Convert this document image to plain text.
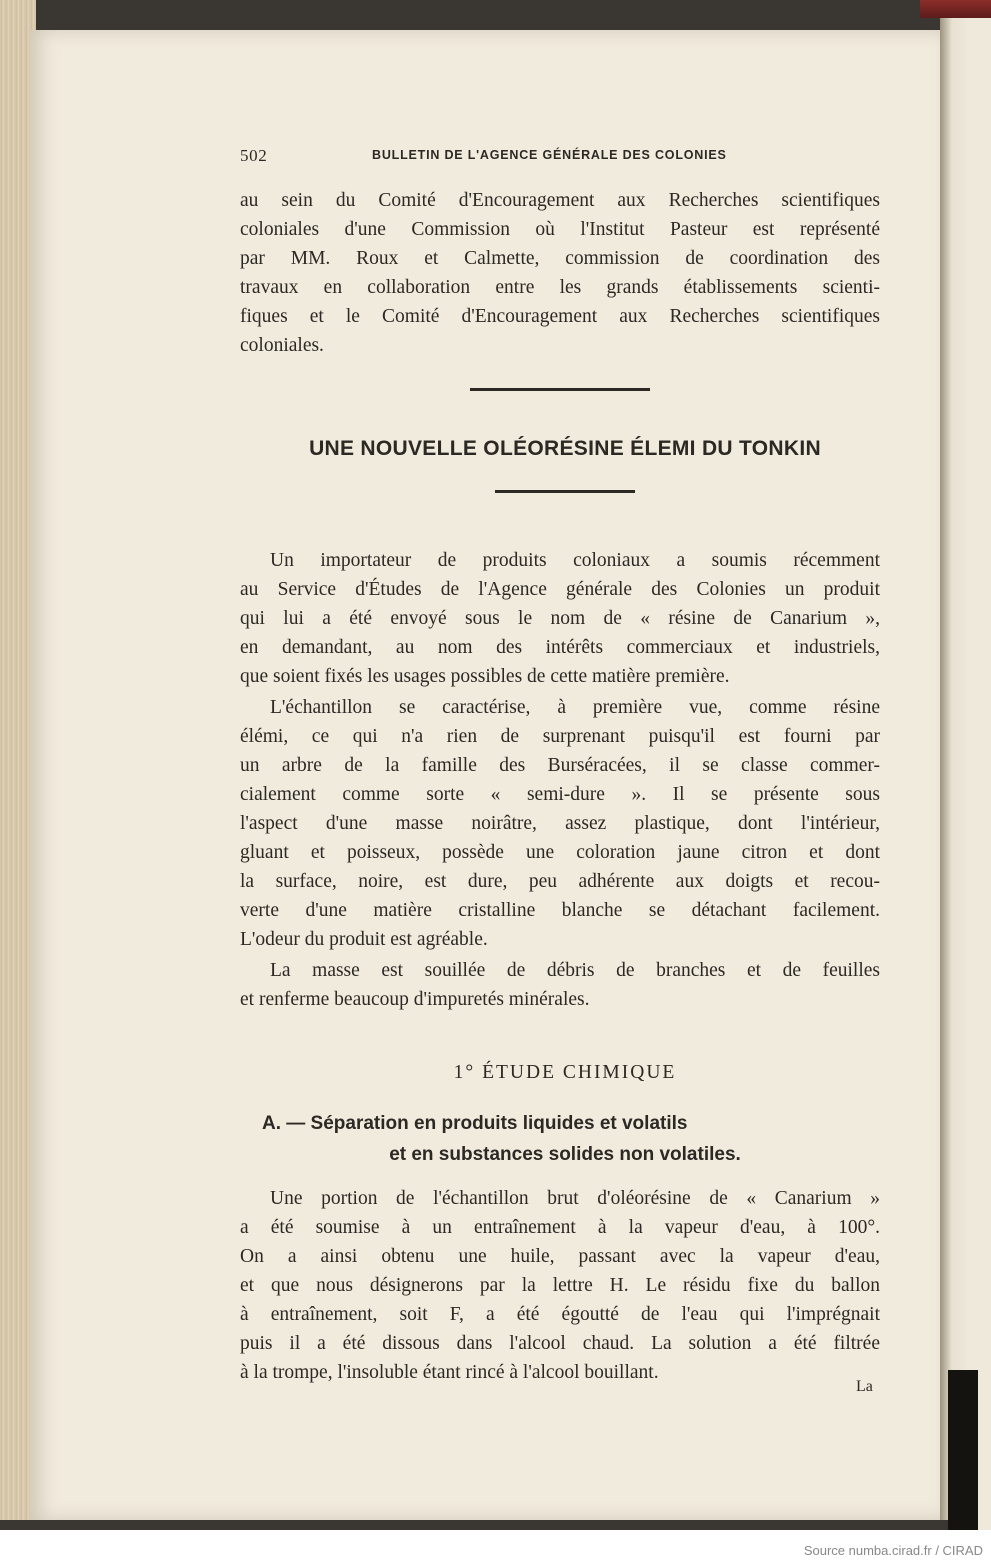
502	BULLETIN DE L'AGENCE GÉNÉRALE DES COLONIES
au sein du Comité d'Encouragement aux Recherches scientifiques
coloniales d'une Commission où l'Institut Pasteur est représenté
par MM. Roux et Calmette, commission de coordination des
travaux en collaboration entre les grands établissements scienti-
fiques et le Comité d'Encouragement aux Recherches scientifiques
coloniales.
UNE NOUVELLE OLÉORÉSINE ÉLEMI DU TONKIN
Un importateur de produits coloniaux a soumis récemment
au Service d'Études de l'Agence générale des Colonies un produit
qui lui a été envoyé sous le nom de « résine de Canarium »,
en demandant, au nom des intérêts commerciaux et industriels,
que soient fixés les usages possibles de cette matière première.
L'échantillon se caractérise, à première vue, comme résine
élémi, ce qui n'a rien de surprenant puisqu'il est fourni par
un arbre de la famille des Burséracées, il se classe commer-
cialement comme sorte « semi-dure ». Il se présente sous
l'aspect d'une masse noirâtre, assez plastique, dont l'intérieur,
gluant et poisseux, possède une coloration jaune citron et dont
la surface, noire, est dure, peu adhérente aux doigts et recou-
verte d'une matière cristalline blanche se détachant facilement.
L'odeur du produit est agréable.
La masse est souillée de débris de branches et de feuilles
et renferme beaucoup d'impuretés minérales.
1° ÉTUDE CHIMIQUE
A. — Séparation en produits liquides et volatils
et en substances solides non volatiles.
Une portion de l'échantillon brut d'oléorésine de « Canarium »
a été soumise à un entraînement à la vapeur d'eau, à 100°.
On a ainsi obtenu une huile, passant avec la vapeur d'eau,
et que nous désignerons par la lettre H. Le résidu fixe du ballon
à entraînement, soit F, a été égoutté de l'eau qui l'imprégnait
puis il a été dissous dans l'alcool chaud. La solution a été filtrée
à la trompe, l'insoluble étant rincé à l'alcool bouillant.
La
Source numba.cirad.fr / CIRAD
